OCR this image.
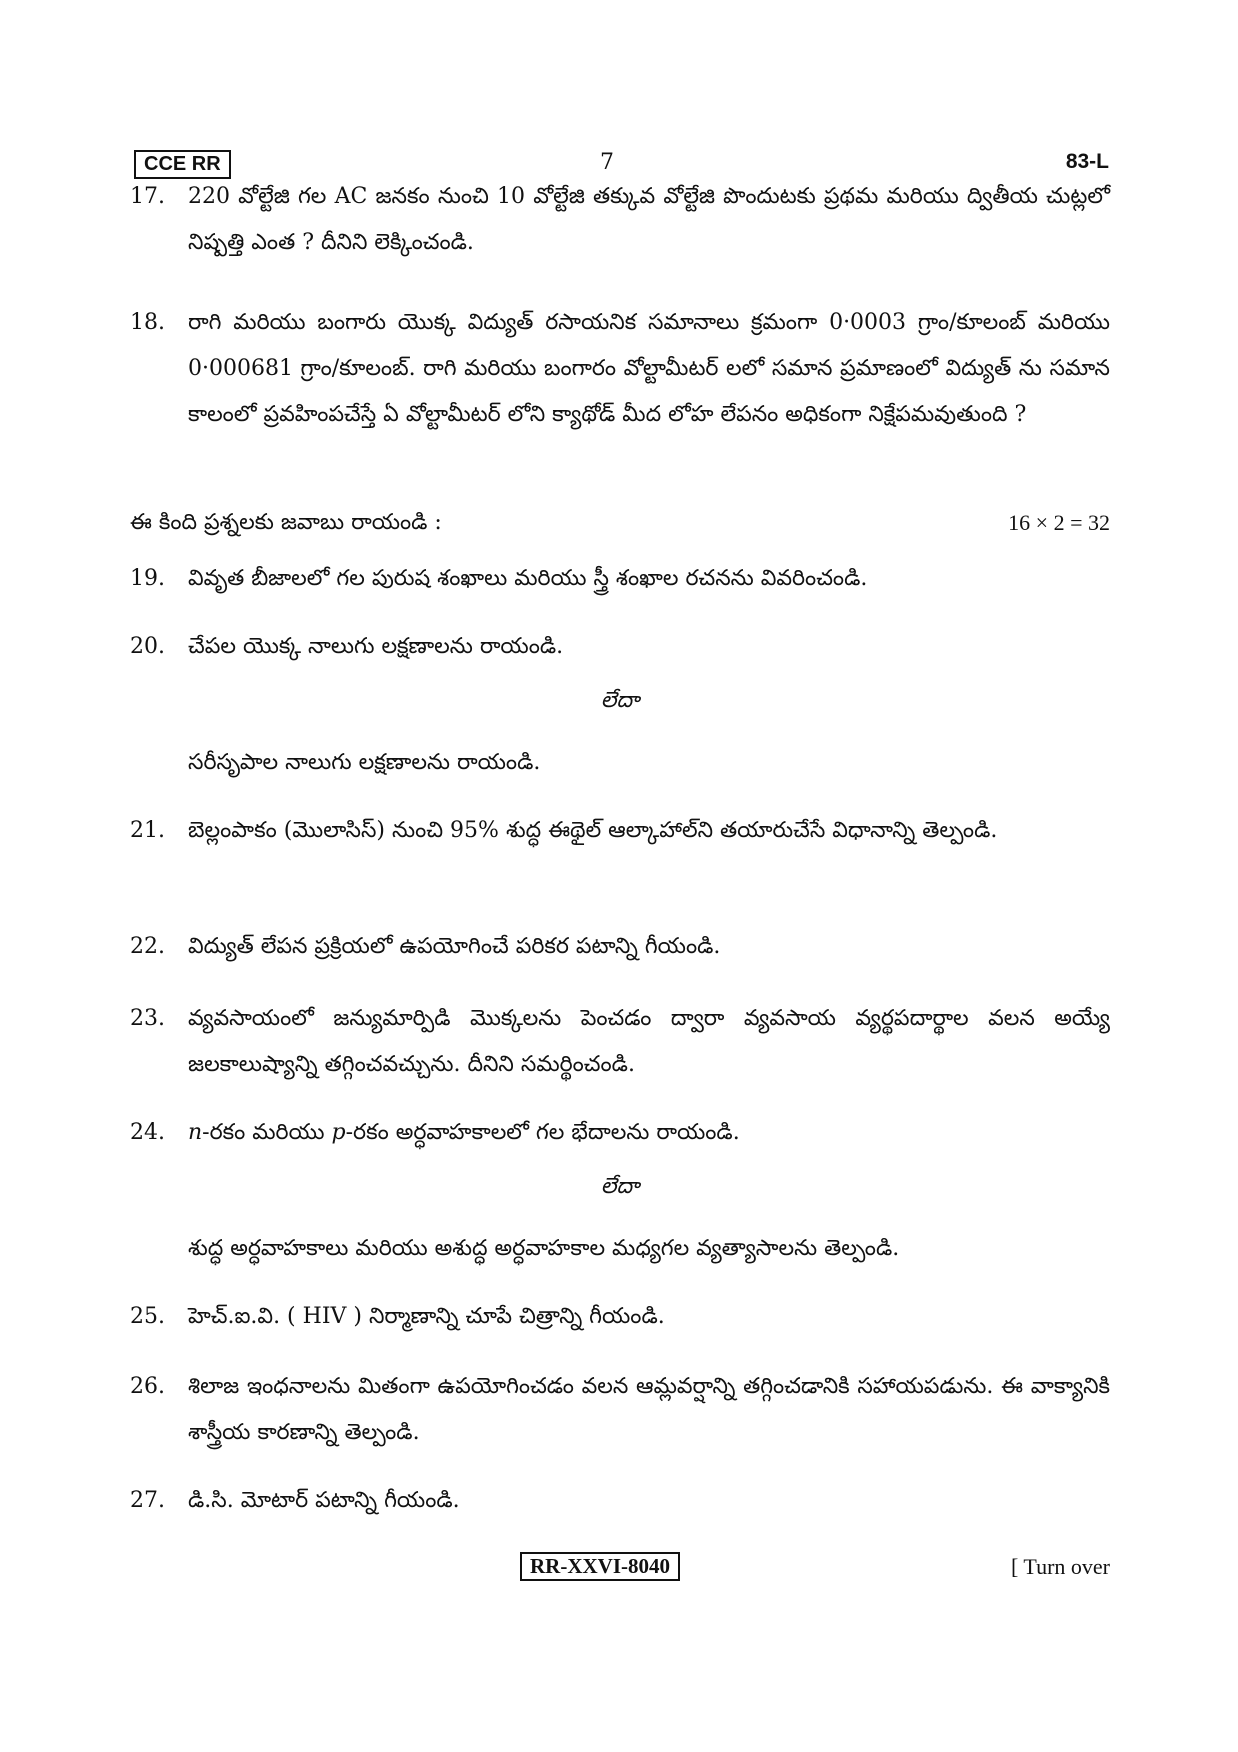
CCE RR	7	83-L
17.	220 వోల్టేజి గల AC జనకం నుంచి 10 వోల్టేజి తక్కువ వోల్టేజి పొందుటకు ప్రథమ మరియు ద్వితీయ చుట్లలో నిష్పత్తి ఎంత ? దీనిని లెక్కించండి.
18.	రాగి మరియు బంగారు యొక్క విద్యుత్ రసాయనిక సమానాలు క్రమంగా 0·0003 గ్రాం/కూలంబ్ మరియు 0·000681 గ్రాం/కూలంబ్. రాగి మరియు బంగారం వోల్టామీటర్ లలో సమాన ప్రమాణంలో విద్యుత్ ను సమాన కాలంలో ప్రవహింపచేస్తే ఏ వోల్టామీటర్ లోని క్యాథోడ్ మీద లోహ లేపనం అధికంగా నిక్షేపమవుతుంది ?
ఈ కింది ప్రశ్నలకు జవాబు రాయండి :	16 × 2 = 32
19.	వివృత బీజాలలో గల పురుష శంఖాలు మరియు స్త్రీ శంఖాల రచనను వివరించండి.
20.	చేపల యొక్క నాలుగు లక్షణాలను రాయండి.
లేదా
సరీసృపాల నాలుగు లక్షణాలను రాయండి.
21.	బెల్లంపాకం (మొలాసిస్) నుంచి 95% శుద్ధ ఈథైల్ ఆల్కాహాల్‌ని తయారుచేసే విధానాన్ని తెల్పండి.
22.	విద్యుత్ లేపన ప్రక్రియలో ఉపయోగించే పరికర పటాన్ని గీయండి.
23.	వ్యవసాయంలో జన్యుమార్పిడి మొక్కలను పెంచడం ద్వారా వ్యవసాయ వ్యర్థపదార్థాల వలన అయ్యే జలకాలుష్యాన్ని తగ్గించవచ్చును. దీనిని సమర్థించండి.
24.	n-రకం మరియు p-రకం అర్ధవాహకాలలో గల భేదాలను రాయండి.
లేదా
శుద్ధ అర్ధవాహకాలు మరియు అశుద్ధ అర్ధవాహకాల మధ్యగల వ్యత్యాసాలను తెల్పండి.
25.	హెచ్.ఐ.వి. ( HIV ) నిర్మాణాన్ని చూపే చిత్రాన్ని గీయండి.
26.	శిలాజ ఇంధనాలను మితంగా ఉపయోగించడం వలన ఆమ్లవర్షాన్ని తగ్గించడానికి సహాయపడును. ఈ వాక్యానికి శాస్త్రీయ కారణాన్ని తెల్పండి.
27.	డి.సి. మోటార్ పటాన్ని గీయండి.
RR-XXVI-8040	[ Turn over
